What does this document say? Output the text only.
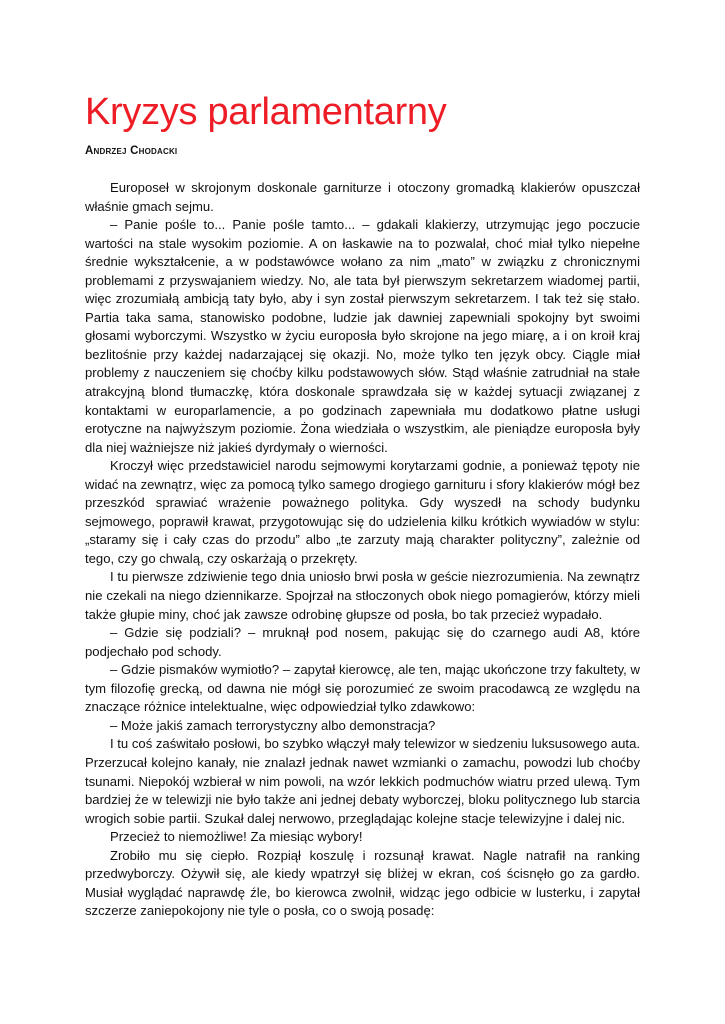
Kryzys parlamentarny
Andrzej Chodacki

Europoseł w skrojonym doskonale garniturze i otoczony gromadką klakierów opuszczał właśnie gmach sejmu.

– Panie pośle to... Panie pośle tamto... – gdakali klakierzy, utrzymując jego poczucie wartości na stale wysokim poziomie. A on łaskawie na to pozwalał, choć miał tylko niepełne średnie wykształcenie, a w podstawówce wołano za nim „mato” w związku z chronicznymi problemami z przyswajaniem wiedzy. No, ale tata był pierwszym sekretarzem wiadomej partii, więc zrozumiałą ambicją taty było, aby i syn został pierwszym sekretarzem. I tak też się stało. Partia taka sama, stanowisko podobne, ludzie jak dawniej zapewniali spokojny byt swoimi głosami wyborczymi. Wszystko w życiu europosła było skrojone na jego miarę, a i on kroił kraj bezlitośnie przy każdej nadarzającej się okazji. No, może tylko ten język obcy. Ciągle miał problemy z nauczeniem się choćby kilku podstawowych słów. Stąd właśnie zatrudniał na stałe atrakcyjną blond tłumaczkę, która doskonale sprawdzała się w każdej sytuacji związanej z kontaktami w europarlamencie, a po godzinach zapewniała mu dodatkowo płatne usługi erotyczne na najwyższym poziomie. Żona wiedziała o wszystkim, ale pieniądze europosła były dla niej ważniejsze niż jakieś dyrdymały o wierności.

Kroczył więc przedstawiciel narodu sejmowymi korytarzami godnie, a ponieważ tępoty nie widać na zewnątrz, więc za pomocą tylko samego drogiego garnituru i sfory klakierów mógł bez przeszkód sprawiać wrażenie poważnego polityka. Gdy wyszedł na schody budynku sejmowego, poprawił krawat, przygotowując się do udzielenia kilku krótkich wywiadów w stylu: „staramy się i cały czas do przodu” albo „te zarzuty mają charakter polityczny”, zależnie od tego, czy go chwalą, czy oskarżają o przekręty.

I tu pierwsze zdziwienie tego dnia uniosło brwi posła w geście niezrozumienia. Na zewnątrz nie czekali na niego dziennikarze. Spojrzał na stłoczonych obok niego pomagierów, którzy mieli także głupie miny, choć jak zawsze odrobinę głupsze od posła, bo tak przecież wypadało.

– Gdzie się podziali? – mruknął pod nosem, pakując się do czarnego audi A8, które podjechało pod schody.

– Gdzie pismaków wymiotło? – zapytał kierowcę, ale ten, mając ukończone trzy fakultety, w tym filozofię grecką, od dawna nie mógł się porozumieć ze swoim pracodawcą ze względu na znaczące różnice intelektualne, więc odpowiedział tylko zdawkowo:

– Może jakiś zamach terrorystyczny albo demonstracja?

I tu coś zaświtało posłowi, bo szybko włączył mały telewizor w siedzeniu luksusowego auta. Przerzucał kolejno kanały, nie znalazł jednak nawet wzmianki o zamachu, powodzi lub choćby tsunami. Niepokój wzbierał w nim powoli, na wzór lekkich podmuchów wiatru przed ulewą. Tym bardziej że w telewizji nie było także ani jednej debaty wyborczej, bloku politycznego lub starcia wrogich sobie partii. Szukał dalej nerwowo, przeglądając kolejne stacje telewizyjne i dalej nic.

Przecież to niemożliwe! Za miesiąc wybory!

Zrobiło mu się ciepło. Rozpiął koszulę i rozsunął krawat. Nagle natrafił na ranking przedwyborczy. Ożywił się, ale kiedy wpatrzył się bliżej w ekran, coś ścisnęło go za gardło. Musiał wyglądać naprawdę źle, bo kierowca zwolnił, widząc jego odbicie w lusterku, i zapytał szczerze zaniepokojony nie tyle o posła, co o swoją posadę:
